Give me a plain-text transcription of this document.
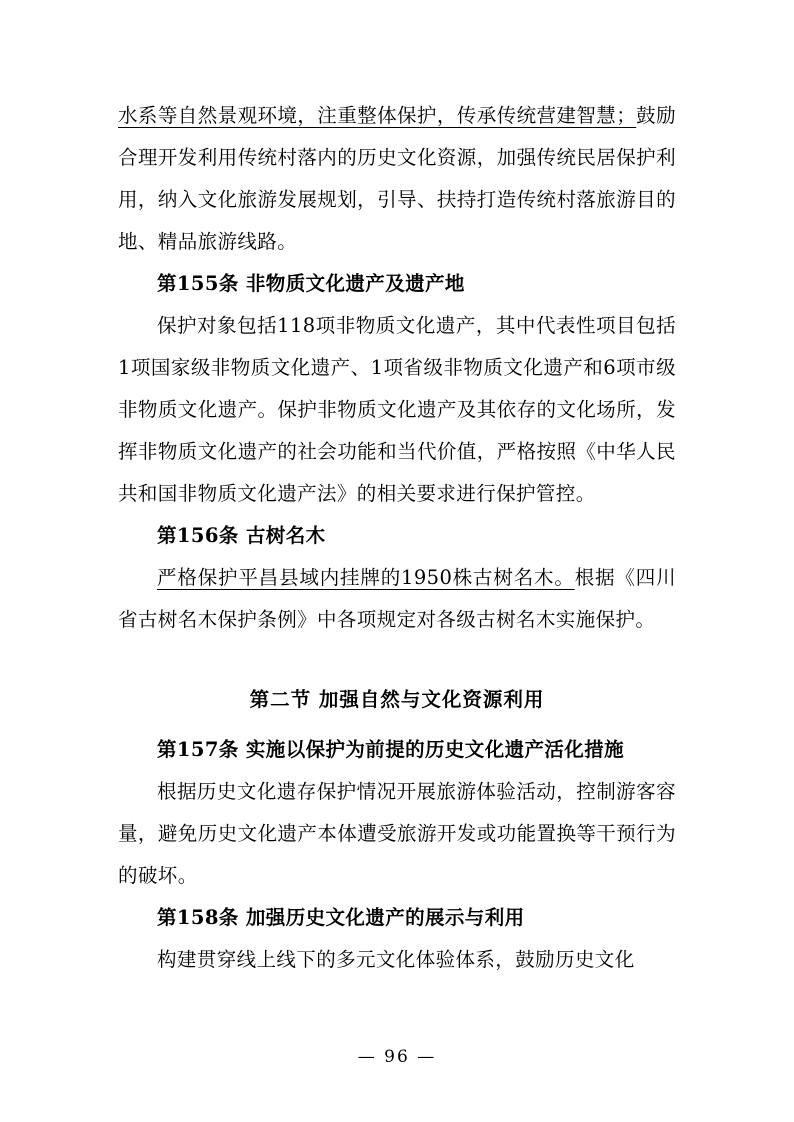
水系等自然景观环境，注重整体保护，传承传统营建智慧；鼓励合理开发利用传统村落内的历史文化资源，加强传统民居保护利用，纳入文化旅游发展规划，引导、扶持打造传统村落旅游目的地、精品旅游线路。

第155条 非物质文化遗产及遗产地

保护对象包括118项非物质文化遗产，其中代表性项目包括1项国家级非物质文化遗产、1项省级非物质文化遗产和6项市级非物质文化遗产。保护非物质文化遗产及其依存的文化场所，发挥非物质文化遗产的社会功能和当代价值，严格按照《中华人民共和国非物质文化遗产法》的相关要求进行保护管控。

第156条 古树名木

严格保护平昌县域内挂牌的1950株古树名木。根据《四川省古树名木保护条例》中各项规定对各级古树名木实施保护。

第二节 加强自然与文化资源利用

第157条 实施以保护为前提的历史文化遗产活化措施

根据历史文化遗存保护情况开展旅游体验活动，控制游客容量，避免历史文化遗产本体遭受旅游开发或功能置换等干预行为的破坏。

第158条 加强历史文化遗产的展示与利用

构建贯穿线上线下的多元文化体验体系，鼓励历史文化

— 96 —
